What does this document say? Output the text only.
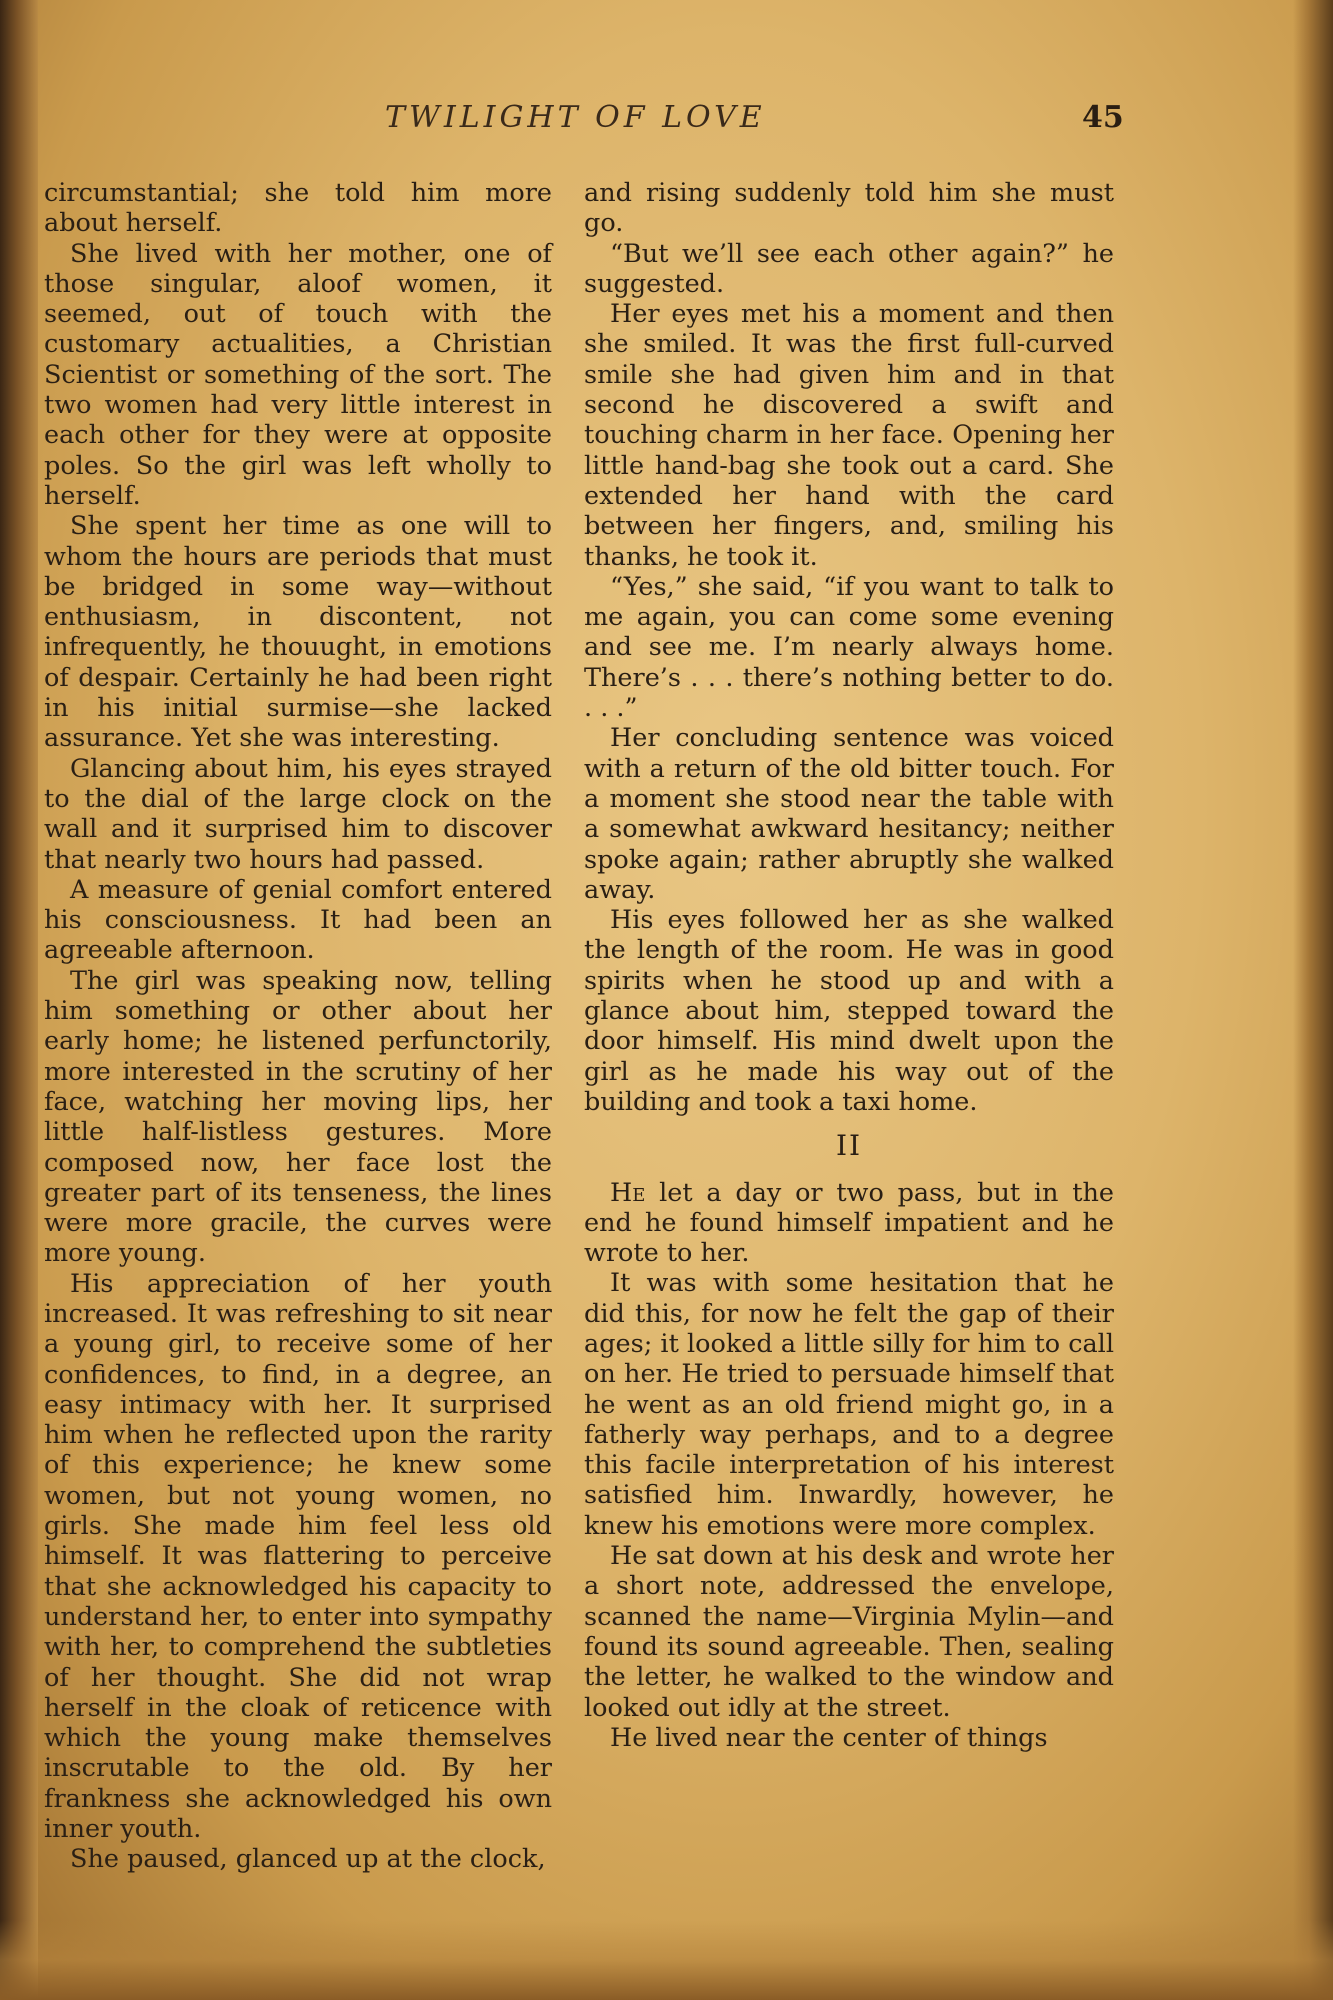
TWILIGHT OF LOVE	45

circumstantial; she told him more about herself.

She lived with her mother, one of those singular, aloof women, it seemed, out of touch with the customary actualities, a Christian Scientist or something of the sort. The two women had very little interest in each other for they were at opposite poles. So the girl was left wholly to herself.

She spent her time as one will to whom the hours are periods that must be bridged in some way—without enthusiasm, in discontent, not infrequently, he thouught, in emotions of despair. Certainly he had been right in his initial surmise—she lacked assurance. Yet she was interesting.

Glancing about him, his eyes strayed to the dial of the large clock on the wall and it surprised him to discover that nearly two hours had passed.

A measure of genial comfort entered his consciousness. It had been an agreeable afternoon.

The girl was speaking now, telling him something or other about her early home; he listened perfunctorily, more interested in the scrutiny of her face, watching her moving lips, her little half-listless gestures. More composed now, her face lost the greater part of its tenseness, the lines were more gracile, the curves were more young.

His appreciation of her youth increased. It was refreshing to sit near a young girl, to receive some of her confidences, to find, in a degree, an easy intimacy with her. It surprised him when he reflected upon the rarity of this experience; he knew some women, but not young women, no girls. She made him feel less old himself. It was flattering to perceive that she acknowledged his capacity to understand her, to enter into sympathy with her, to comprehend the subtleties of her thought. She did not wrap herself in the cloak of reticence with which the young make themselves inscrutable to the old. By her frankness she acknowledged his own inner youth.

She paused, glanced up at the clock,

and rising suddenly told him she must go.

“But we’ll see each other again?” he suggested.

Her eyes met his a moment and then she smiled. It was the first full-curved smile she had given him and in that second he discovered a swift and touching charm in her face. Opening her little hand-bag she took out a card. She extended her hand with the card between her fingers, and, smiling his thanks, he took it.

“Yes,” she said, “if you want to talk to me again, you can come some evening and see me. I’m nearly always home. There’s . . . there’s nothing better to do. . . .”

Her concluding sentence was voiced with a return of the old bitter touch. For a moment she stood near the table with a somewhat awkward hesitancy; neither spoke again; rather abruptly she walked away.

His eyes followed her as she walked the length of the room. He was in good spirits when he stood up and with a glance about him, stepped toward the door himself. His mind dwelt upon the girl as he made his way out of the building and took a taxi home.

II

He let a day or two pass, but in the end he found himself impatient and he wrote to her.

It was with some hesitation that he did this, for now he felt the gap of their ages; it looked a little silly for him to call on her. He tried to persuade himself that he went as an old friend might go, in a fatherly way perhaps, and to a degree this facile interpretation of his interest satisfied him. Inwardly, however, he knew his emotions were more complex.

He sat down at his desk and wrote her a short note, addressed the envelope, scanned the name—Virginia Mylin—and found its sound agreeable. Then, sealing the letter, he walked to the window and looked out idly at the street.

He lived near the center of things
